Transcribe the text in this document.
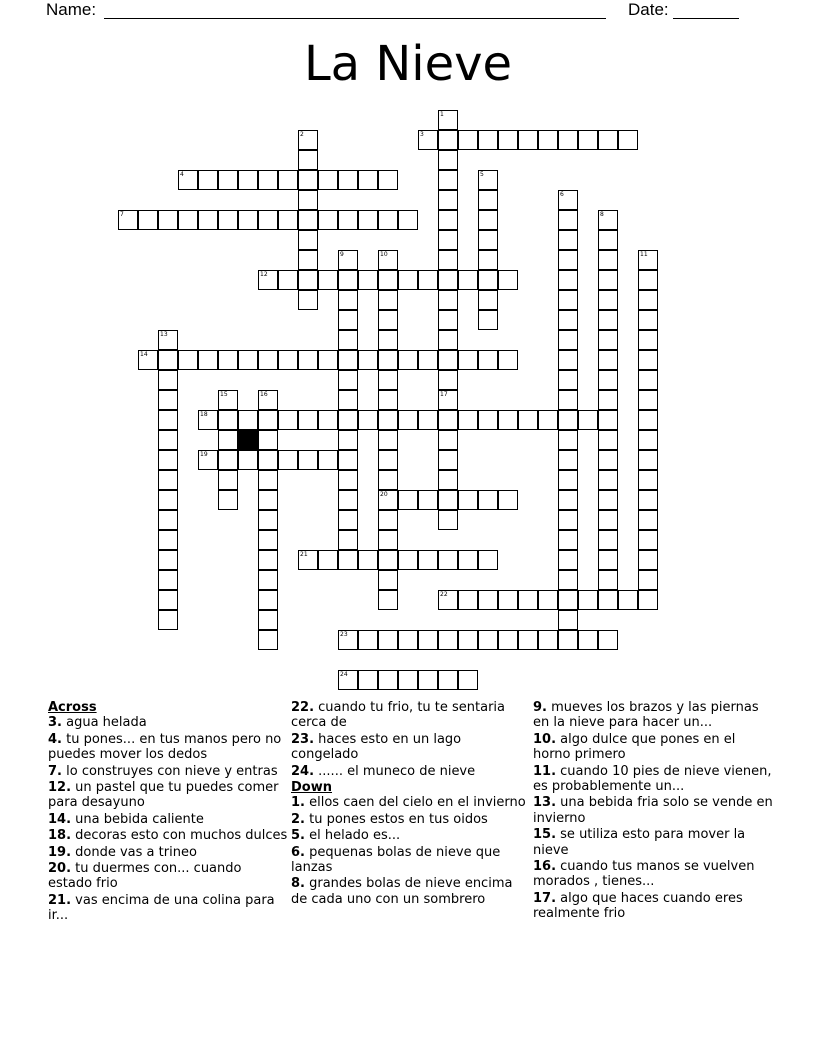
Name:	Date:
La Nieve
1
17
2	3
4	5
6
7	8
9	10
20
11
12
13
14
15	16
18
19
21
22
23
24
Across
3. agua helada
4. tu pones... en tus manos pero no puedes mover los dedos
7. lo construyes con nieve y entras
12. un pastel que tu puedes comer para desayuno
14. una bebida caliente
18. decoras esto con muchos dulces
19. donde vas a trineo
20. tu duermes con... cuando estado frio
21. vas encima de una colina para ir...
22. cuando tu frio, tu te sentaria cerca de
23. haces esto en un lago congelado
24. ...... el muneco de nieve
Down
1. ellos caen del cielo en el invierno
2. tu pones estos en tus oidos
5. el helado es...
6. pequenas bolas de nieve que lanzas
8. grandes bolas de nieve encima de cada uno con un sombrero
9. mueves los brazos y las piernas en la nieve para hacer un...
10. algo dulce que pones en el horno primero
11. cuando 10 pies de nieve vienen, es probablemente un...
13. una bebida fria solo se vende en invierno
15. se utiliza esto para mover la nieve
16. cuando tus manos se vuelven morados , tienes...
17. algo que haces cuando eres realmente frio
